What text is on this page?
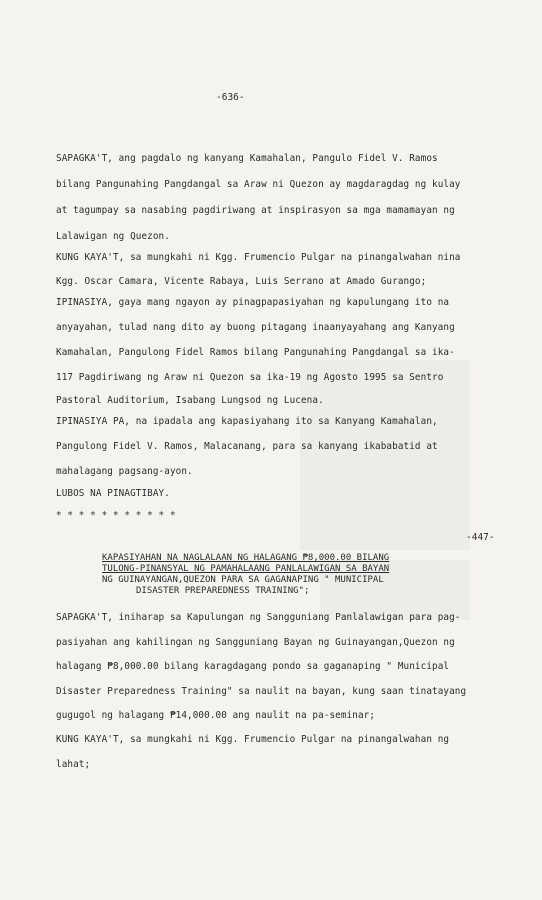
-636-
SAPAGKA'T, ang pagdalo ng kanyang Kamahalan, Pangulo Fidel V. Ramos
bilang Pangunahing Pangdangal sa Araw ni Quezon ay magdaragdag ng kulay
at tagumpay sa nasabing pagdiriwang at inspirasyon sa mga mamamayan ng
Lalawigan ng Quezon.
KUNG KAYA'T, sa mungkahi ni Kgg. Frumencio Pulgar na pinangalwahan nina
Kgg. Oscar Camara, Vicente Rabaya, Luis Serrano at Amado Gurango;
IPINASIYA, gaya mang ngayon ay pinagpapasiyahan ng kapulungang ito na
anyayahan, tulad nang dito ay buong pitagang inaanyayahang ang Kanyang
Kamahalan, Pangulong Fidel Ramos bilang Pangunahing Pangdangal sa ika-
117 Pagdiriwang ng Araw ni Quezon sa ika-19 ng Agosto 1995 sa Sentro
Pastoral Auditorium, Isabang Lungsod ng Lucena.
IPINASIYA PA, na ipadala ang kapasiyahang ito sa Kanyang Kamahalan,
Pangulong Fidel V. Ramos, Malacanang, para sa kanyang ikababatid at
mahalagang pagsang-ayon.
LUBOS NA PINAGTIBAY.
* * * * * * * * * * *
-447-
KAPASIYAHAN NA NAGLALAAN NG HALAGANG ₱8,000.00 BILANG
TULONG-PINANSYAL NG PAMAHALAANG PANLALAWIGAN SA BAYAN
NG GUINAYANGAN,QUEZON PARA SA GAGANAPING " MUNICIPAL
DISASTER PREPAREDNESS TRAINING";
SAPAGKA'T, iniharap sa Kapulungan ng Sangguniang Panlalawigan para pag-
pasiyahan ang kahilingan ng Sangguniang Bayan ng Guinayangan,Quezon ng
halagang ₱8,000.00 bilang karagdagang pondo sa gaganaping " Municipal
Disaster Preparedness Training" sa naulit na bayan, kung saan tinatayang
gugugol ng halagang ₱14,000.00 ang naulit na pa-seminar;
KUNG KAYA'T, sa mungkahi ni Kgg. Frumencio Pulgar na pinangalwahan ng
lahat;
